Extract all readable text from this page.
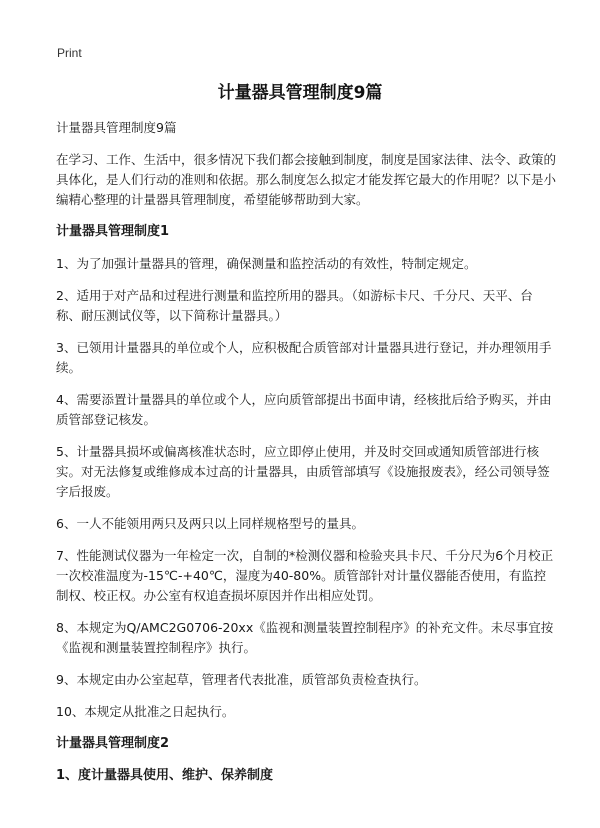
Print
计量器具管理制度9篇

计量器具管理制度9篇

在学习、工作、生活中，很多情况下我们都会接触到制度，制度是国家法律、法令、政策的具体化，是人们行动的准则和依据。那么制度怎么拟定才能发挥它最大的作用呢？以下是小编精心整理的计量器具管理制度，希望能够帮助到大家。

计量器具管理制度1

1、为了加强计量器具的管理，确保测量和监控活动的有效性，特制定规定。

2、适用于对产品和过程进行测量和监控所用的器具。（如游标卡尺、千分尺、天平、台称、耐压测试仪等，以下简称计量器具。）

3、已领用计量器具的单位或个人，应积极配合质管部对计量器具进行登记，并办理领用手续。

4、需要添置计量器具的单位或个人，应向质管部提出书面申请，经核批后给予购买，并由质管部登记核发。

5、计量器具损坏或偏离核准状态时，应立即停止使用，并及时交回或通知质管部进行核实。对无法修复或维修成本过高的计量器具，由质管部填写《设施报废表》，经公司领导签字后报废。

6、一人不能领用两只及两只以上同样规格型号的量具。

7、性能测试仪器为一年检定一次，自制的*检测仪器和检验夹具卡尺、千分尺为6个月校正一次校准温度为-15℃-+40℃，湿度为40-80%。质管部针对计量仪器能否使用，有监控制权、校正权。办公室有权追查损坏原因并作出相应处罚。

8、本规定为Q/AMC2G0706-20xx《监视和测量装置控制程序》的补充文件。未尽事宜按《监视和测量装置控制程序》执行。

9、本规定由办公室起草，管理者代表批准，质管部负责检查执行。

10、本规定从批准之日起执行。

计量器具管理制度2
1、度计量器具使用、维护、保养制度
